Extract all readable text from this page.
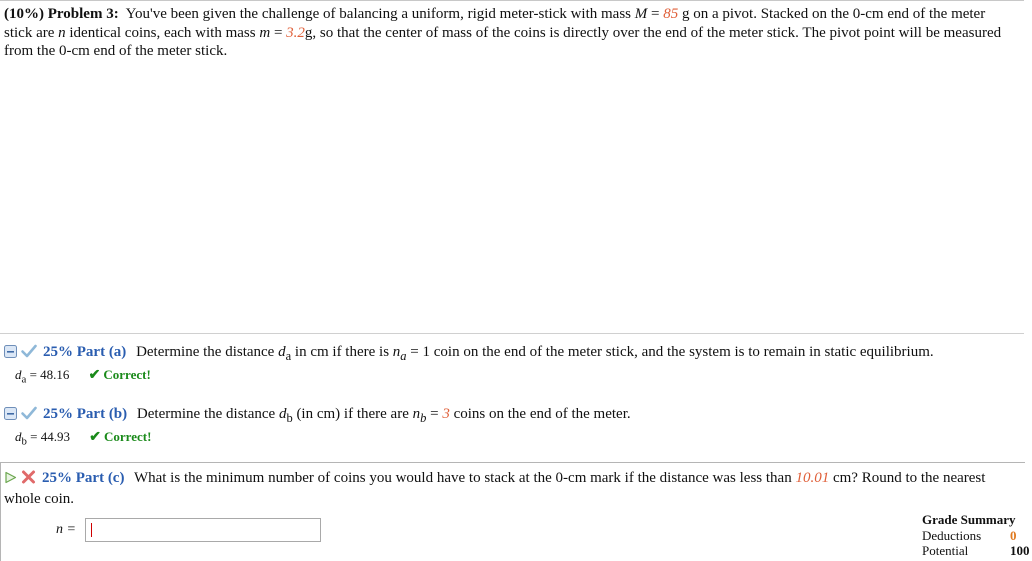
(10%) Problem 3: You've been given the challenge of balancing a uniform, rigid meter-stick with mass M = 85 g on a pivot. Stacked on the 0-cm end of the meter stick are n identical coins, each with mass m = 3.2g, so that the center of mass of the coins is directly over the end of the meter stick. The pivot point will be measured from the 0-cm end of the meter stick.
25% Part (a) Determine the distance $d_a$ in cm if there is $n_a = 1$ coin on the end of the meter stick, and the system is to remain in static equilibrium.
$d_a = 48.16$ ✔ Correct!
25% Part (b) Determine the distance $d_b$ (in cm) if there are $n_b = 3$ coins on the end of the meter.
$d_b = 44.93$ ✔ Correct!
25% Part (c) What is the minimum number of coins you would have to stack at the 0-cm mark if the distance was less than 10.01 cm? Round to the nearest whole coin.
n =
Grade Summary
Deductions 0
Potential	100
